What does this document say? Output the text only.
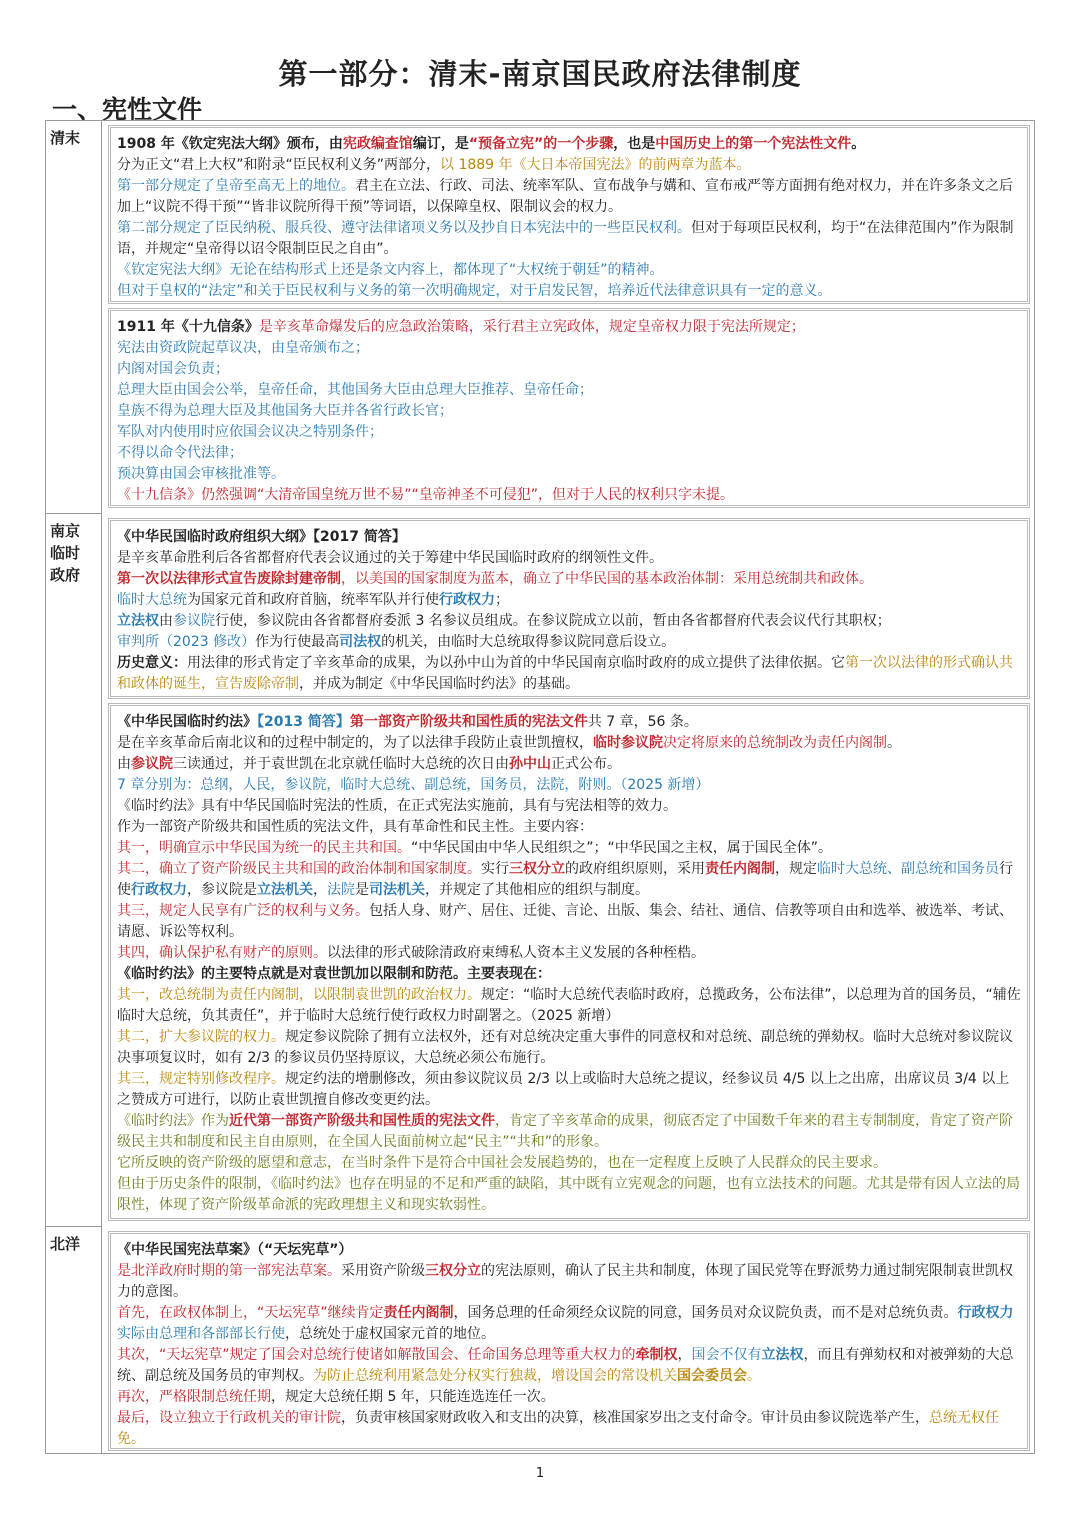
第一部分：清末-南京国民政府法律制度
一、宪性文件
清末
南京临时政府
北洋

1908 年《钦定宪法大纲》颁布，由宪政编查馆编订，是“预备立宪”的一个步骤，也是中国历史上的第一个宪法性文件。

分为正文“君上大权”和附录“臣民权利义务”两部分，以 1889 年《大日本帝国宪法》的前两章为蓝本。

第一部分规定了皇帝至高无上的地位。君主在立法、行政、司法、统率军队、宣布战争与媾和、宣布戒严等方面拥有绝对权力，并在许多条文之后加上“议院不得干预”“皆非议院所得干预”等词语，以保障皇权、限制议会的权力。

第二部分规定了臣民纳税、服兵役、遵守法律诸项义务以及抄自日本宪法中的一些臣民权利。但对于每项臣民权利，均于“在法律范围内”作为限制语，并规定“皇帝得以诏令限制臣民之自由”。

《钦定宪法大纲》无论在结构形式上还是条文内容上，都体现了“大权统于朝廷”的精神。

但对于皇权的“法定”和关于臣民权利与义务的第一次明确规定，对于启发民智，培养近代法律意识具有一定的意义。

1911 年《十九信条》是辛亥革命爆发后的应急政治策略，采行君主立宪政体，规定皇帝权力限于宪法所规定；

宪法由资政院起草议决，由皇帝颁布之；

内阁对国会负责；

总理大臣由国会公举，皇帝任命，其他国务大臣由总理大臣推荐、皇帝任命；

皇族不得为总理大臣及其他国务大臣并各省行政长官；

军队对内使用时应依国会议决之特别条件；

不得以命令代法律；

预决算由国会审核批准等。

《十九信条》仍然强调“大清帝国皇统万世不易”“皇帝神圣不可侵犯”，但对于人民的权利只字未提。

《中华民国临时政府组织大纲》【2017 简答】

是辛亥革命胜利后各省都督府代表会议通过的关于筹建中华民国临时政府的纲领性文件。

第一次以法律形式宣告废除封建帝制，以美国的国家制度为蓝本，确立了中华民国的基本政治体制：采用总统制共和政体。

临时大总统为国家元首和政府首脑，统率军队并行使行政权力；

立法权由参议院行使，参议院由各省都督府委派 3 名参议员组成。在参议院成立以前，暂由各省都督府代表会议代行其职权；

审判所（2023 修改）作为行使最高司法权的机关，由临时大总统取得参议院同意后设立。

历史意义：用法律的形式肯定了辛亥革命的成果，为以孙中山为首的中华民国南京临时政府的成立提供了法律依据。它第一次以法律的形式确认共和政体的诞生，宣告废除帝制，并成为制定《中华民国临时约法》的基础。

《中华民国临时约法》【2013 简答】第一部资产阶级共和国性质的宪法文件共 7 章，56 条。

是在辛亥革命后南北议和的过程中制定的，为了以法律手段防止袁世凯擅权，临时参议院决定将原来的总统制改为责任内阁制。

由参议院三读通过，并于袁世凯在北京就任临时大总统的次日由孙中山正式公布。

7 章分别为：总纲，人民，参议院，临时大总统、副总统，国务员，法院，附则。（2025 新增）

《临时约法》具有中华民国临时宪法的性质，在正式宪法实施前，具有与宪法相等的效力。

作为一部资产阶级共和国性质的宪法文件，具有革命性和民主性。主要内容：

其一，明确宣示中华民国为统一的民主共和国。“中华民国由中华人民组织之”；“中华民国之主权，属于国民全体”。

其二，确立了资产阶级民主共和国的政治体制和国家制度。实行三权分立的政府组织原则，采用责任内阁制，规定临时大总统、副总统和国务员行使行政权力，参议院是立法机关，法院是司法机关，并规定了其他相应的组织与制度。

其三，规定人民享有广泛的权利与义务。包括人身、财产、居住、迁徙、言论、出版、集会、结社、通信、信教等项自由和选举、被选举、考试、请愿、诉讼等权利。

其四，确认保护私有财产的原则。以法律的形式破除清政府束缚私人资本主义发展的各种桎梏。

《临时约法》的主要特点就是对袁世凯加以限制和防范。主要表现在：

其一，改总统制为责任内阁制，以限制袁世凯的政治权力。规定：“临时大总统代表临时政府，总揽政务，公布法律”，以总理为首的国务员，“辅佐临时大总统，负其责任”，并于临时大总统行使行政权力时副署之。（2025 新增）

其二，扩大参议院的权力。规定参议院除了拥有立法权外，还有对总统决定重大事件的同意权和对总统、副总统的弹劾权。临时大总统对参议院议决事项复议时，如有 2/3 的参议员仍坚持原议，大总统必须公布施行。

其三，规定特别修改程序。规定约法的增删修改，须由参议院议员 2/3 以上或临时大总统之提议，经参议员 4/5 以上之出席，出席议员 3/4 以上之赞成方可进行，以防止袁世凯擅自修改变更约法。

《临时约法》作为近代第一部资产阶级共和国性质的宪法文件，肯定了辛亥革命的成果，彻底否定了中国数千年来的君主专制制度，肯定了资产阶级民主共和制度和民主自由原则，在全国人民面前树立起“民主”“共和”的形象。

它所反映的资产阶级的愿望和意志，在当时条件下是符合中国社会发展趋势的，也在一定程度上反映了人民群众的民主要求。

但由于历史条件的限制，《临时约法》也存在明显的不足和严重的缺陷，其中既有立宪观念的问题，也有立法技术的问题。尤其是带有因人立法的局限性，体现了资产阶级革命派的宪政理想主义和现实软弱性。

《中华民国宪法草案》（“天坛宪草”）

是北洋政府时期的第一部宪法草案。采用资产阶级三权分立的宪法原则，确认了民主共和制度，体现了国民党等在野派势力通过制宪限制袁世凯权力的意图。

首先，在政权体制上，“天坛宪草”继续肯定责任内阁制，国务总理的任命须经众议院的同意，国务员对众议院负责，而不是对总统负责。行政权力实际由总理和各部部长行使，总统处于虚权国家元首的地位。

其次，“天坛宪草”规定了国会对总统行使诸如解散国会、任命国务总理等重大权力的牵制权，国会不仅有立法权，而且有弹劾权和对被弹劾的大总统、副总统及国务员的审判权。为防止总统利用紧急处分权实行独裁，增设国会的常设机关国会委员会。

再次，严格限制总统任期，规定大总统任期 5 年，只能连选连任一次。

最后，设立独立于行政机关的审计院，负责审核国家财政收入和支出的决算，核准国家岁出之支付命令。审计员由参议院选举产生，总统无权任免。

1
